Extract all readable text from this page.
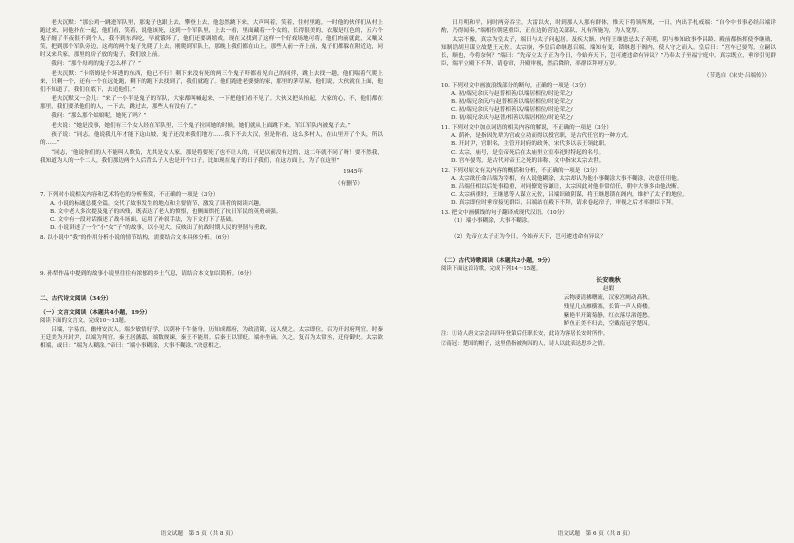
老夫沉默：“那公鸡一跳进军队里，那鬼子也跟上去，攀登上去，他忽然跳下来，大声叫着，笑着，往村里跑。一时他的伙伴们从村上跑过来，同他扑在一起，他们看，笑着，说他该死，这到一个军队里，上去一看，里面藏着一个女的，长得很美的，衣服是红色的，五六个鬼子缠了半夜很不到个人，我不到东西吃，早就饿坏了，他们还要调嬉戏，现在又找到了这样一个好戏场地可将，他们肉前就此，又嚷又笑，把到那个军队旁边，这鸡的两个鬼子先爬了上去，刚爬到军队上，那晚上我们都在山上，那些人前一齐上前，鬼子们都躲在附近边，同时又来兵家，那里的房子放的鬼子，我们放上前。

我问：“那个母鸡的鬼子怎么样了？”

老夫沉默：“卡塔姆是个坏透的东西，他已不行！剩下来没有死的两三个鬼子吓都看见自己的同伴，跳上去找一趟，他们喘着气爬上来，只剩一个，还有一个在远处跑，剩下的跑下去找到了，我们就跑了。他们跑进老婆婆的家，那里的茅草屋，他们说，大伙就在上面，他们不知道了，我们在底下，去追他们。”

老夫沉默又一会儿：“来了一小半是鬼子的军队，大家都叫喊起来，一下把他们看不见了。大伙又把头抬起，大家的心，不，他们都在那里，我们要杀他们的人，一下去，跳过去，那些人有没有了。”

我问：“那么那个姑娘呢，她死了吗？”

老夫说：“她是没事，她们有三个女人经在军队里，三个鬼子拉回她的时候，她们就从上面跳下来，军江军队内被鬼子去。”

孩子说：“同志，他说我几年才能下这山坡，鬼子还没来我们地方……我下不去大汉，但是你看，这么多村人，在山里开了个头，所以的……”

“同志，‘他说你们的人不能叫人欺负，尤其是女人家，那是将要死了也不让人的，可是以前没有过的，这二年就不同了呀！要不然我，我知道为人的一个二人，我们那边两个人后背么子人也是开个口子，比如现在鬼子的日子我们，在这方面上，为了在这里”

1945年
（有删节）

7. 下列对小说相关内容和艺术特色的分析鉴赏，不正确的一项是（3分）

A. 小说的标题总揽全篇，交代了故事发生的地点和主要情节，激发了读者的阅读兴趣。

B. 文中老人多次提及鬼子的凶残，既表达了老人的愤恨，也侧面烘托了抗日军民的英勇顽强。

C. 文中有一段对话描述了战斗场面，运用了补叙手法，为下文打下了基础。

D. 小说讲述了一个“小”女“子”的故事，以小见大，反映出了抗战时期人民的坚韧与勇敢。

8. 以小说中“我”的作用分析小说的情节结构，需要结合文本具体分析。（6分）

9. 孙犁作品中提到的故事小说里往往有浓郁的乡土气息，请结合本文加以简析。（6分）

二、古代诗文阅读（34分）
（一）文言文阅读（本题共4小题，19分）

阅读下面的文言文，完成10～13题。

吕端，字易直，幽州安次人。端少敏悟好学，以荫补千牛备身。历知成都府，为政清简，远人便之。太宗即位，召为开封府判官。时秦王廷美为开封尹，以端为判官。秦王居藩邸，端数规谏，秦王不能用。后秦王以罪贬，端亦坐谪。久之，复召为太常丞，迁侍御史。太宗欲相端，或曰：“端为人糊涂。”帝曰：“端小事糊涂，大事不糊涂。”决意相之。

语文试题　第 5 页（共 8 页）

日月明和平，同时两旁吞尘，大雷以火，时到那人人那有群体，惟天下将领所规，一日，内出手札戒端：“自今中书事必经吕端详酌，乃得闻奏。”端相位朝延重臣，正在边防营边关部队，凡有所施为，为人宽厚。

太宗不豫，真宗为皇太子，端日与太子问起居。及疾大渐，内侍王继恩忌太子英明，阴与参知政事李昌龄、殿前都指挥使李继勋、知制诰胡旦谋立故楚王元佐。太宗崩，李皇后命继恩召端，端知有变，锁继恩于阁内，使人守之而入。皇后曰：“宫车已晏驾，立嗣以长，顺也，今将奈何？”端曰：“先帝立太子正为今日，今始弃天下，岂可遽违命有异议？”乃奉太子至福宁庭中。真宗既立，垂帘引见群臣，端平立殿下不拜，请卷帘，升殿审视，然后降阶，率群臣拜呼万岁。

（节选自《宋史·吕端传》）

10. 下列对文中画波浪线部分的断句，正确的一项是（3分）

A. 初/端兄余庆与赵普相善/以端居相位/时论荣之/

B. 初/端兄余庆/与赵普相善以端居相位/时论荣之/

C. 初/端兄余庆与赵普相善以/端居相位/时论荣之/

D. 初/端兄余庆与赵普/相善以端居相位/时论荣之/

11. 下列对文中加点词语的相关内容的解说，不正确的一项是（3分）

A. 荫补，是指因先辈为官或立功而得以授官职，是古代任官的一种方式。

B. 开封尹，官职名，主管开封府的政务，宋代多以亲王领此职。

C. 太宗，庙号，是皇帝死后在太庙里立室奉祀时特起的名号。

D. 宫车晏驾，是古代对帝王之死的讳称，文中指宋太宗去世。

12. 下列对原文有关内容的概括和分析，不正确的一项是（3分）

A. 太宗欲任命吕端为宰相，有人说他糊涂，太宗却认为他小事糊涂大事不糊涂，决意任用他。

B. 吕端任相以后处事稳重，对同僚宽容谦让，太宗因此对他非常信任，朝中大事多由他决断。

C. 太宗病重时，王继恩等人谋立元佐，吕端识破阴谋，将王继恩锁在阁内，维护了太子的地位。

D. 真宗即位时垂帘接见群臣，吕端站在殿下不拜，请求卷起帘子，审视之后才率群臣下拜。

13. 把文中画横线的句子翻译成现代汉语。（10分）

（1）端小事糊涂，大事不糊涂。

（2）先帝立太子正为今日，今始弃天下，岂可遽违命有异议？

（二）古代诗歌阅读（本题共2小题，9分）

阅读下面这首诗歌，完成下列14～15题。

长安晚秋
赵嘏
云物凄清拂曙流，汉家宫阙动高秋。
残星几点雁横塞，长笛一声人倚楼。
紫艳半开篱菊静，红衣落尽渚莲愁。
鲈鱼正美不归去，空戴南冠学楚囚。

注：①诗人唐文宗会昌四年登第后任职长安，此诗为客居长安时所作。

②南冠：楚国的帽子，这里借指被拘囚的人，诗人以此表达思乡之情。

语文试题　第 6 页（共 8 页）
